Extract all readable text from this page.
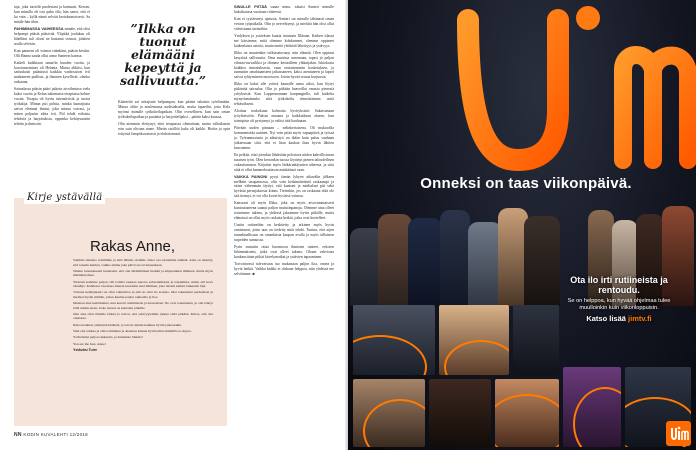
taja, joka tatreilit puolestani ja kannusti. Kerran, kun minulla oli tosi paha olla, hän sanoi, että ei ko vain – kyllä nämä selviät kertaluontoisesti. Sa mitäle-hän tikin.

PAHIMMASSA VAIHEESSA minäte, että olisi helpompi pääsiä pääsivää. Ylipitkä joulukuu oli lähelläni tuli olivat ne kastanat voimat, jolaiten aralla selvisin.

Kun paimeni oli voimat ettänkäni, pääsin kesitin. Olli Hanna saada ollut armo Santerin kanssa.

Kaikelt kaikkiaan satunfin kuuden vuotta, ja korotusuemines oli Helania. Minua alikiisi, kun sattuukaisi palautusti kaikkia vaabosaivat ivit mahtaneen pudlissi, ja ihmisen kysellivät, olenko raskaana.

Sairaalassa pääsin pääsi jatkoin aivoihmissa viela kaksi vuotta ja Kelan tukemassa terapiassa kolme vuotta. Terapia oli hyvin intensiivistä ja tuotui työkalija. Minun piti pohtia, minkä kuntajiasta saivat elemmä ihmisi, joka minua vaivasi, ja miten paljastin aihta ivit. Pid tehdä erilaisia tehtäviä ja harjoituksia, oppenka kehitysuutiin tehtiin ja ihmisiin.

”Ilkka on tuonut elämääni kepeyttä ja sallivuutta.”

Käänteitä sai seitajonte helpompaa, kun pääsin takaisin työelämään. Minua olitte ja noulemassa uudistaksella, mutta tapaeilin, jotta Kela myönsi minulle työkokeilupaikan. Olin ovesellinen, kun sain oman työkokeilupaikan ja puutetta ja harjoittelijaksi – päätin kaksi kuussa.

Olin aiemmin elettynyt, ettei terapiassa olemaitaan, mutta väliaikaisin erin sain olivaan sinne. Mietin sisällöä kuka oli kaikki. Hoitin ja opin erityistä lämpökuvaisesti ja ehdottomasti.

SINULLE PIITÄÄ sanaa minu, tokaisi Santeri minulle kaksikuussa vuotiaan riitteessä.

Kun ei tyytäisenyt ajatusta, Santeri sai minulle tähänasti oman vetoon työpaikalla. Olin jo nervehtynyt, ja mietittä hän olisi ollut vahvistanut tarinoihin.

Ymlyksen ja ystäväsen kautta tutustuin Ilkkaan. Kaiken tilassa me kärsimme, mitä olemme kohdanneet, olemme oppineet kaikenlaisia asioita, mutta meitä yhdistää läheisyys ja ystävyys.

Ilkka on muutenkin sulloasatorunyt niin elämää. Olen oppinut kesytistä sallivuutta. Oma martista urnomaan, tapasi jo paljon vihasto-turvailiksi ja olimme kertaalleen yläkutjakin. Iskiokosta kaikkea innostuksesta, vaan rautaisemmin kosketuksen, ja tunnustin omahtaanseen jatkassaneen, kaksi asentaneen ja lapset saivat ryhtymiseen nuorisoon. Jotain hyvää seuraa kurjuusta.

Ilkka on kaksi alle ystävä kaunalle sama aikoi, kun löytyi pitkintää sairaalaa. Olin jo pitkään haaveillut omasta pienestä yrityksestä. Kun Lappeenrannan kaupunginlle, tuli kaikelta mynyttuminenko siitä työkokeilu tiimeistämme, mitä tehtäväkseni.

Aloittaa toukokuun kolmatta hyvityksistä: Sakaisimaan työyhteisöön. Pääsin ainoana ja kaikkialtaan alueen, kun toimipiste oli pystynnyt ja valitsi tätä kauhuaan.

Päivään uuden pinnaan – nelinkertaisena. Oli mukavalla kommentoida uutinen. Nyt voin pitää myös vapaapäivä ja työssä ja. Työtunnustusta ja aikuistyö on ikään kuin paluu vanhaan jatkaessaan siitä, että ei liian kaukaa ihan hyvin lähtien kasvannen.

En pelkää, ettei jotenkin lähdetään pelottava niiden kahvillistavan tasaisen työn. Olen kerrankin tuossa löytänyt pienen taloudellisen vakauttamisen. Kirjoitin myös lääkärinkäyntien aiheesta, ja sittä siitä ei ollut kammoksuttavaa minkäänsä vaan.

VAIKKA PAINONI pysyi tämän lyhyen aikavälin jälkeen melkein tasapainossa, olin vain keskimääräistä raskaampi ja sitten vähemmän täyttyi, että kuntoni ja mielialani piti sekä hyvästä perusjaksosta kiinni. Tietenkin, jos on raskaana eikä ole sitä tiennyt, ei voi olla kovin hyvässä voimaa.

Kanssani oli myös Ilkka, joka on myös aivovammaisesti kuntoutuneena saanut paljon muistiinpanoja. Olemme aina olleet toistemme tukena, ja yhdessä jaksamme hyvin pitkälle, mutta elämässä on ollut myös raskaita hetkiä, jotka ovat koetelleet.

Uusiin rutiineihin on keskitetty ja arkinen myös hyvin onnistunut, joten taas on tiedetty mitä tehdä. Tuntuu, että arjen tunnelmallisuus on omanlaista kaupan avulla ja myös tällaisten tarpeiden sumuissa.

Pyrin muistiin ottaa huomioon ihmisten tunteet, eritoten lähimmäisteni, jotka ovat olleet tukena. Oloani vahvistaa kuukausittain pitkät kävelymatkat ja ystävien tapaaminen.

Toivottavasti tulevaisuus tuo mukanaan paljon iloa, onnea ja hyviä hetkiä. Vaikka kaikki ei olekaan helppoa, niin yhdessä me selviämme. ■

Kirje ystävällä
Rakas Anne,

Saimme tutustua toisiimme ja siitä lähtien olemme olleet osa toistemme elämää. Aina on tiedetty, että toiselle kuuluu, vaikka emme joka päivä ole tavanneetkaan.

Sinuun tutustuessani huomasin, että olet äärimmäisen herkkä ja empaattinen ihminen, mutta myös määrätietoinen.

Yhdessä koimme paljon. Oli todella raskaaa seurata sairastumistasi ja toipumista, mutta olit kova taistelija. Kahdessa vuodessa sinusta kuoriutui uusi ihminen, joka taisteli kaikki vaikeudet läpi.

Toiveen kehityskaari on ollut vaikuttava ja sitä on ollut ilo seurata. Olet rakentanut perheellesi ja itsellesi hyvän elämän, johon kuuluu paljon rakkautta ja iloa.

Muistan aina kahvihetket, kun kerroit unelmistasi ja haaveistasi. Ne ovat toteutuneet, ja olet tehnyt töitä niiden eteen. Usko itseesi on kantanut pitkälle.

Olet aina ollut minulle tärkeä ja toivon, että ystävyytemme jatkuu vielä pitkään. Kiitos, että olet olemassa.

Kiitos kaikista yhteisistä hetkistä, ja toivon sinulle kaikkea hyvää jatkossakin.

Sinä olet rohkea ja vahva ihminen ja ansaitset kaiken hyvän mitä elämällä on tarjota.

Ystävästäsi paljon rakkautta, ja halauksia Sinulle!

You are the best, Anne!

Ystäväsi Tuire

NN KODIN KUVALEHTI 12/2018
Onneksi on taas viikonpäivä.
Ota ilo irti rutiineista ja rentoudu.
Se on helppoa, kun hyvää ohjelmaa tulee muulloinkin kuin viikonloppuisin.
Katso lisää jimtv.fi
